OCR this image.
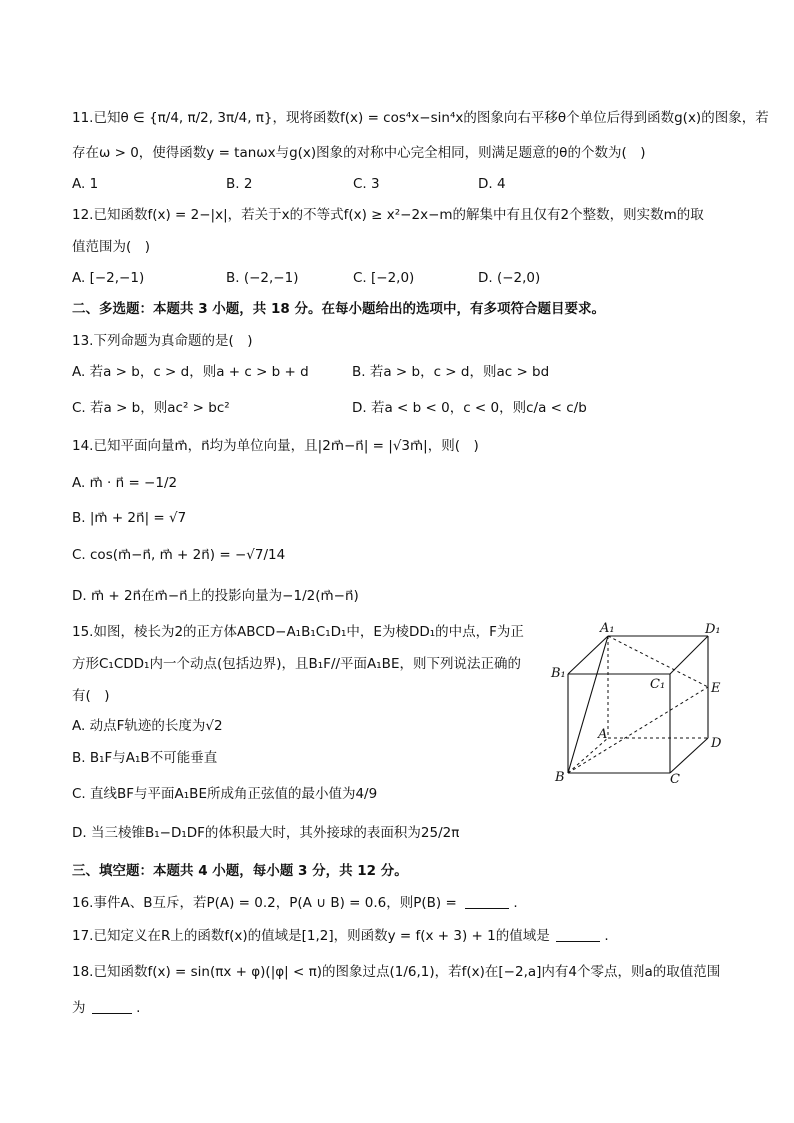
11.已知θ ∈ {π/4, π/2, 3π/4, π}，现将函数f(x) = cos⁴x−sin⁴x的图象向右平移θ个单位后得到函数g(x)的图象，若
存在ω > 0，使得函数y = tanωx与g(x)图象的对称中心完全相同，则满足题意的θ的个数为(　)
A. 1	B. 2	C. 3	D. 4
12.已知函数f(x) = 2−|x|，若关于x的不等式f(x) ≥ x²−2x−m的解集中有且仅有2个整数，则实数m的取
值范围为(　)
A. [−2,−1)	B. (−2,−1)	C. [−2,0)	D. (−2,0)
二、多选题：本题共 3 小题，共 18 分。在每小题给出的选项中，有多项符合题目要求。
13.下列命题为真命题的是(　)
A. 若a > b，c > d，则a + c > b + d	B. 若a > b，c > d，则ac > bd
C. 若a > b，则ac² > bc²	D. 若a < b < 0，c < 0，则c/a < c/b
14.已知平面向量m⃗，n⃗均为单位向量，且|2m⃗−n⃗| = |√3m⃗|，则(　)
A. m⃗ · n⃗ = −1/2
B. |m⃗ + 2n⃗| = √7
C. cos(m⃗−n⃗, m⃗ + 2n⃗) = −√7/14
D. m⃗ + 2n⃗在m⃗−n⃗上的投影向量为−1/2(m⃗−n⃗)
15.如图，棱长为2的正方体ABCD−A₁B₁C₁D₁中，E为棱DD₁的中点，F为正
方形C₁CDD₁内一个动点(包括边界)，且B₁F//平面A₁BE，则下列说法正确的
有(　)
A. 动点F轨迹的长度为√2
B. B₁F与A₁B不可能垂直
C. 直线BF与平面A₁BE所成角正弦值的最小值为4/9
D. 当三棱锥B₁−D₁DF的体积最大时，其外接球的表面积为25/2π
三、填空题：本题共 4 小题，每小题 3 分，共 12 分。
16.事件A、B互斥，若P(A) = 0.2，P(A ∪ B) = 0.6，则P(B) =	.
17.已知定义在R上的函数f(x)的值域是[1,2]，则函数y = f(x + 3) + 1的值域是	.
18.已知函数f(x) = sin(πx + φ)(|φ| < π)的图象过点(1/6,1)，若f(x)在[−2,a]内有4个零点，则a的取值范围
为	.
A₁	D₁
B₁
C₁	E
A
D
B	C
